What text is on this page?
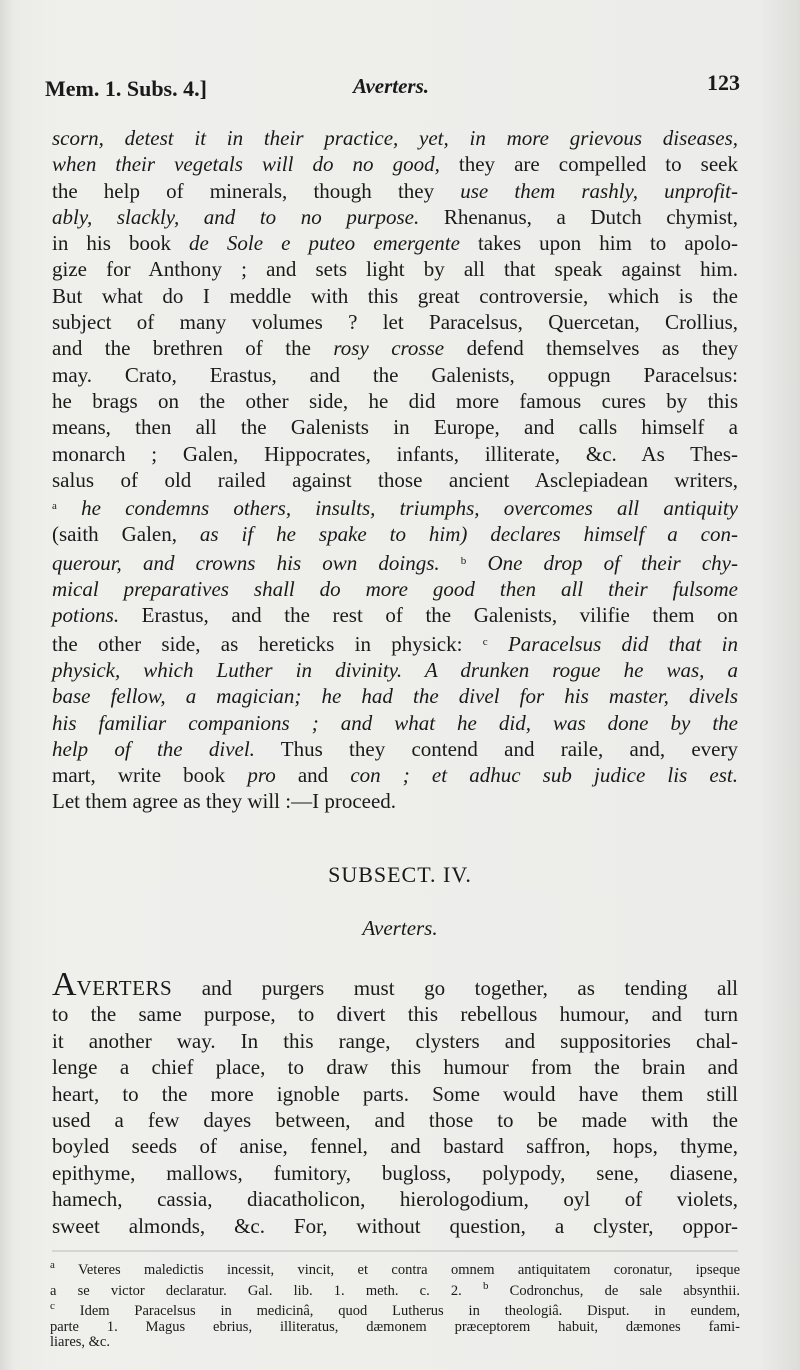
Mem. 1. Subs. 4.]	Averters.	123
scorn, detest it in their practice, yet, in more grievous diseases,
when their vegetals will do no good, they are compelled to seek
the help of minerals, though they use them rashly, unprofit-
ably, slackly, and to no purpose. Rhenanus, a Dutch chymist,
in his book de Sole e puteo emergente takes upon him to apolo-
gize for Anthony ; and sets light by all that speak against him.
But what do I meddle with this great controversie, which is the
subject of many volumes ? let Paracelsus, Quercetan, Crollius,
and the brethren of the rosy crosse defend themselves as they
may. Crato, Erastus, and the Galenists, oppugn Paracelsus:
he brags on the other side, he did more famous cures by this
means, then all the Galenists in Europe, and calls himself a
monarch ; Galen, Hippocrates, infants, illiterate, &c. As Thes-
salus of old railed against those ancient Asclepiadean writers,
$^a$ he condemns others, insults, triumphs, overcomes all antiquity
(saith Galen, as if he spake to him) declares himself a con-
querour, and crowns his own doings. $^b$ One drop of their chy-
mical preparatives shall do more good then all their fulsome
potions. Erastus, and the rest of the Galenists, vilifie them on
the other side, as hereticks in physick: $^c$ Paracelsus did that in
physick, which Luther in divinity. A drunken rogue he was, a
base fellow, a magician; he had the divel for his master, divels
his familiar companions ; and what he did, was done by the
help of the divel. Thus they contend and raile, and, every
mart, write book pro and con ; et adhuc sub judice lis est.
Let them agree as they will :—I proceed.
SUBSECT. IV.
Averters.
AVERTERS and purgers must go together, as tending all
to the same purpose, to divert this rebellous humour, and turn
it another way. In this range, clysters and suppositories chal-
lenge a chief place, to draw this humour from the brain and
heart, to the more ignoble parts. Some would have them still
used a few dayes between, and those to be made with the
boyled seeds of anise, fennel, and bastard saffron, hops, thyme,
epithyme, mallows, fumitory, bugloss, polypody, sene, diasene,
hamech, cassia, diacatholicon, hierologodium, oyl of violets,
sweet almonds, &c. For, without question, a clyster, oppor-
$^a$ Veteres maledictis incessit, vincit, et contra omnem antiquitatem coronatur, ipseque
a se victor declaratur. Gal. lib. 1. meth. c. 2. $^b$ Codronchus, de sale absynthii.
$^c$ Idem Paracelsus in medicinâ, quod Lutherus in theologiâ. Disput. in eundem,
parte 1. Magus ebrius, illiteratus, dæmonem præceptorem habuit, dæmones fami-
liares, &c.
